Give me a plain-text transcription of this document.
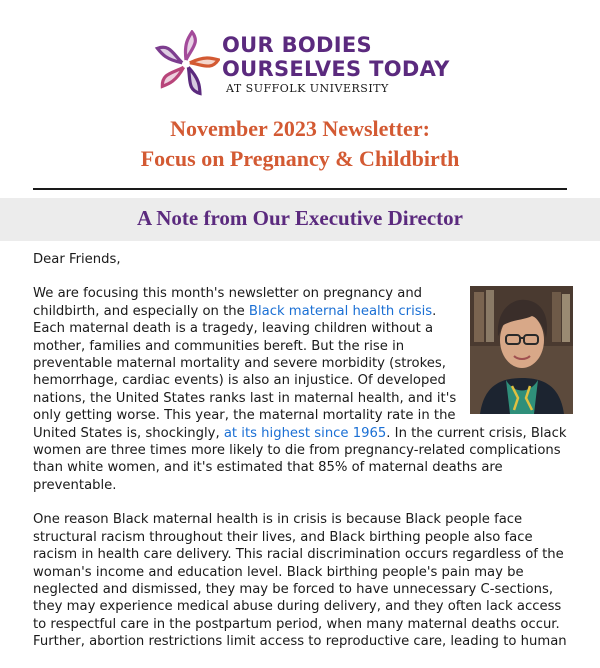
OUR BODIES
OURSELVES TODAY
AT SUFFOLK UNIVERSITY
November 2023 Newsletter:
Focus on Pregnancy & Childbirth
A Note from Our Executive Director

Dear Friends,

We are focusing this month's newsletter on pregnancy and childbirth, and especially on the Black maternal health crisis. Each maternal death is a tragedy, leaving children without a mother, families and communities bereft. But the rise in preventable maternal mortality and severe morbidity (strokes, hemorrhage, cardiac events) is also an injustice. Of developed nations, the United States ranks last in maternal health, and it's only getting worse. This year, the maternal mortality rate in the United States is, shockingly, at its highest since 1965. In the current crisis, Black women are three times more likely to die from pregnancy-related complications than white women, and it's estimated that 85% of maternal deaths are preventable.

One reason Black maternal health is in crisis is because Black people face structural racism throughout their lives, and Black birthing people also face racism in health care delivery. This racial discrimination occurs regardless of the woman's income and education level. Black birthing people's pain may be neglected and dismissed, they may be forced to have unnecessary C-sections, they may experience medical abuse during delivery, and they often lack access to respectful care in the postpartum period, when many maternal deaths occur. Further, abortion restrictions limit access to reproductive care, leading to human
